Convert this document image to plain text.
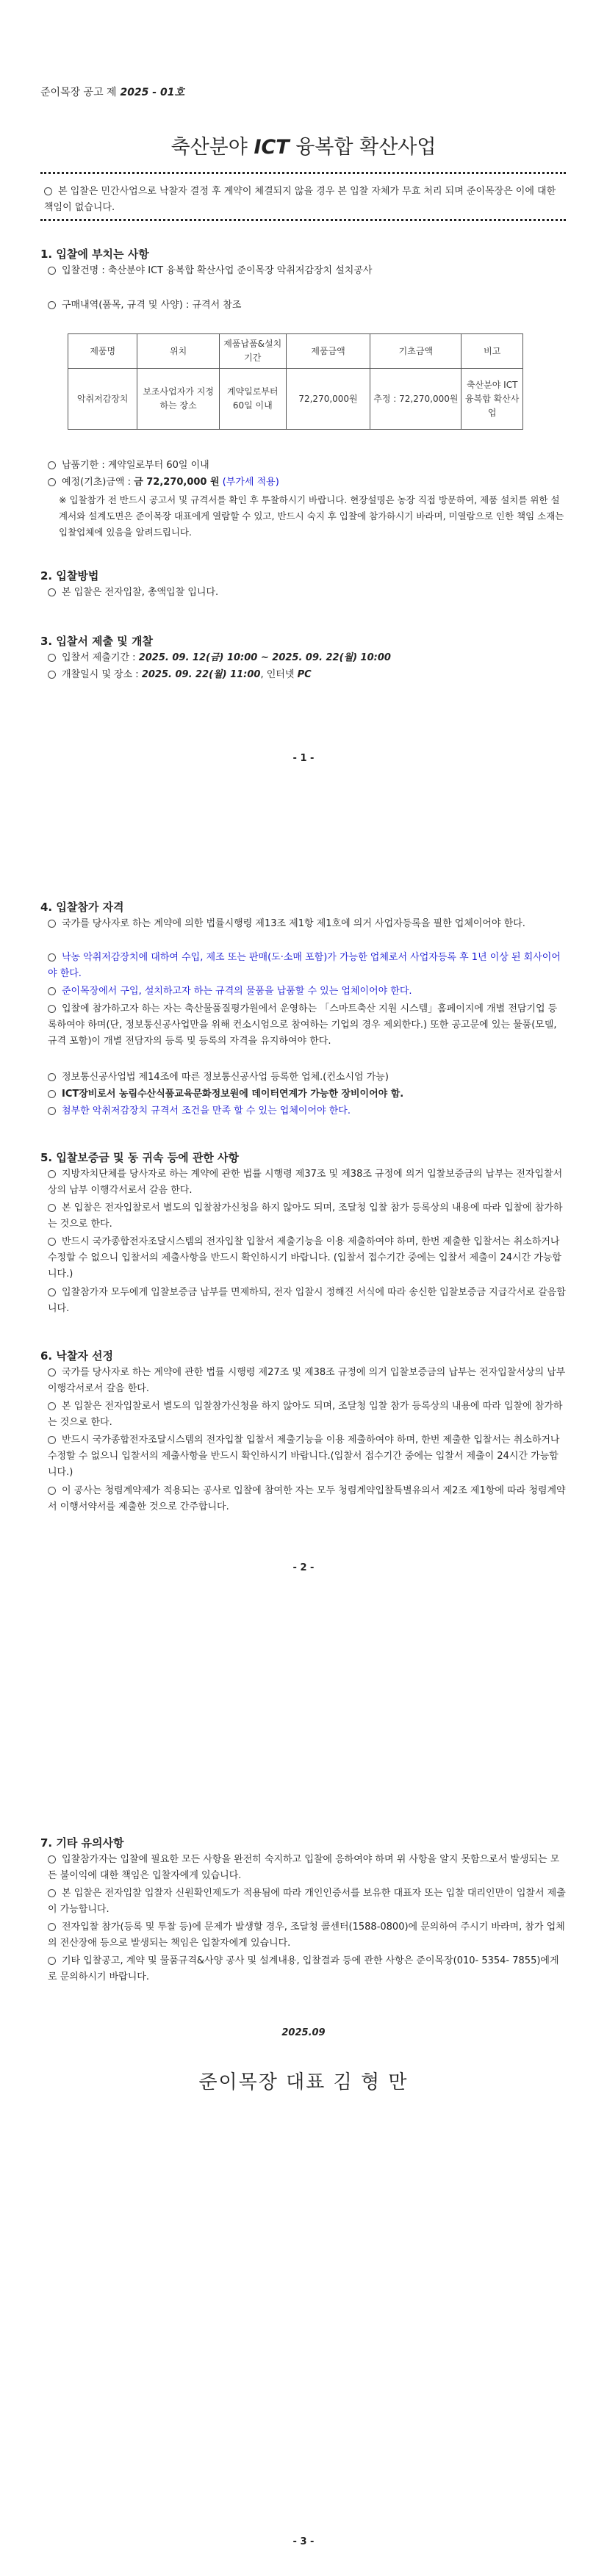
준이목장 공고 제 2025 - 01호
축산분야 ICT 융복합 확산사업
본 입찰은 민간사업으로 낙찰자 결정 후 계약이 체결되지 않을 경우 본 입찰 자체가 무효 처리 되며 준이목장은 이에 대한 책임이 없습니다.
1. 입찰에 부치는 사항
입찰건명 : 축산분야 ICT 융복합 확산사업 준이목장 악취저감장치 설치공사
구매내역(품목, 규격 및 사양) : 규격서 참조
제품명	위치	제품납품&설치기간	제품금액	기초금액	비고
악취저감장치	보조사업자가 지정하는 장소	계약일로부터 60일 이내	72,270,000원	추정 : 72,270,000원	축산분야 ICT 융복합 확산사업
납품기한 : 계약일로부터 60일 이내
예정(기초)금액 : 금 72,270,000 원 (부가세 적용)
※ 입찰참가 전 반드시 공고서 및 규격서를 확인 후 투찰하시기 바랍니다. 현장설명은 농장 직접 방문하여, 제품 설치를 위한 설계서와 설계도면은 준이목장 대표에게 열람할 수 있고, 반드시 숙지 후 입찰에 참가하시기 바라며, 미열람으로 인한 책임 소재는 입찰업체에 있음을 알려드립니다.
2. 입찰방법
본 입찰은 전자입찰, 총액입찰 입니다.
3. 입찰서 제출 및 개찰
입찰서 제출기간 : 2025. 09. 12(금) 10:00 ~ 2025. 09. 22(월) 10:00
개찰일시 및 장소 : 2025. 09. 22(월) 11:00, 인터넷 PC
- 1 -
4. 입찰참가 자격
국가를 당사자로 하는 계약에 의한 법률시행령 제13조 제1항 제1호에 의거 사업자등록을 필한 업체이어야 한다.
낙농 악취저감장치에 대하여 수입, 제조 또는 판매(도·소매 포함)가 가능한 업체로서 사업자등록 후 1년 이상 된 회사이어야 한다.
준이목장에서 구입, 설치하고자 하는 규격의 물품을 납품할 수 있는 업체이어야 한다.
입찰에 참가하고자 하는 자는 축산물품질평가원에서 운영하는 「스마트축산 지원 시스템」홈페이지에 개별 전담기업 등록하여야 하며(단, 정보통신공사업만을 위해 컨소시엄으로 참여하는 기업의 경우 제외한다.) 또한 공고문에 있는 물품(모델, 규격 포함)이 개별 전담자의 등록 및 등록의 자격을 유지하여야 한다.
정보통신공사업법 제14조에 따른 정보통신공사업 등록한 업체.(컨소시엄 가능)
ICT장비로서 농림수산식품교육문화정보원에 데이터연계가 가능한 장비이어야 함.
첨부한 악취저감장치 규격서 조건을 만족 할 수 있는 업체이어야 한다.
5. 입찰보증금 및 동 귀속 등에 관한 사항
지방자치단체를 당사자로 하는 계약에 관한 법률 시행령 제37조 및 제38조 규정에 의거 입찰보증금의 납부는 전자입찰서상의 납부 이행각서로서 갈음 한다.
본 입찰은 전자입찰로서 별도의 입찰참가신청을 하지 않아도 되며, 조달청 입찰 참가 등록상의 내용에 따라 입찰에 참가하는 것으로 한다.
반드시 국가종합전자조달시스템의 전자입찰 입찰서 제출기능을 이용 제출하여야 하며, 한번 제출한 입찰서는 취소하거나 수정할 수 없으니 입찰서의 제출사항을 반드시 확인하시기 바랍니다. (입찰서 접수기간 중에는 입찰서 제출이 24시간 가능합니다.)
입찰참가자 모두에게 입찰보증금 납부를 면제하되, 전자 입찰시 정해진 서식에 따라 송신한 입찰보증금 지급각서로 갈음합니다.
6. 낙찰자 선정
국가를 당사자로 하는 계약에 관한 법률 시행령 제27조 및 제38조 규정에 의거 입찰보증금의 납부는 전자입찰서상의 납부 이행각서로서 갈음 한다.
본 입찰은 전자입찰로서 별도의 입찰참가신청을 하지 않아도 되며, 조달청 입찰 참가 등록상의 내용에 따라 입찰에 참가하는 것으로 한다.
반드시 국가종합전자조달시스템의 전자입찰 입찰서 제출기능을 이용 제출하여야 하며, 한번 제출한 입찰서는 취소하거나 수정할 수 없으니 입찰서의 제출사항을 반드시 확인하시기 바랍니다.(입찰서 접수기간 중에는 입찰서 제출이 24시간 가능합니다.)
이 공사는 청렴계약제가 적용되는 공사로 입찰에 참여한 자는 모두 청렴계약입찰특별유의서 제2조 제1항에 따라 청렴계약서 이행서약서를 제출한 것으로 간주합니다.
- 2 -
7. 기타 유의사항
입찰참가자는 입찰에 필요한 모든 사항을 완전히 숙지하고 입찰에 응하여야 하며 위 사항을 알지 못함으로서 발생되는 모든 불이익에 대한 책임은 입찰자에게 있습니다.
본 입찰은 전자입찰 입찰자 신원확인제도가 적용됨에 따라 개인인증서를 보유한 대표자 또는 입찰 대리인만이 입찰서 제출이 가능합니다.
전자입찰 참가(등록 및 투찰 등)에 문제가 발생할 경우, 조달청 콜센터(1588-0800)에 문의하여 주시기 바라며, 참가 업체의 전산장애 등으로 발생되는 책임은 입찰자에게 있습니다.
기타 입찰공고, 계약 및 물품규격&사양 공사 및 설계내용, 입찰결과 등에 관한 사항은 준이목장(010- 5354- 7855)에게로 문의하시기 바랍니다.
2025.09
준이목장 대표 김 형 만
- 3 -
